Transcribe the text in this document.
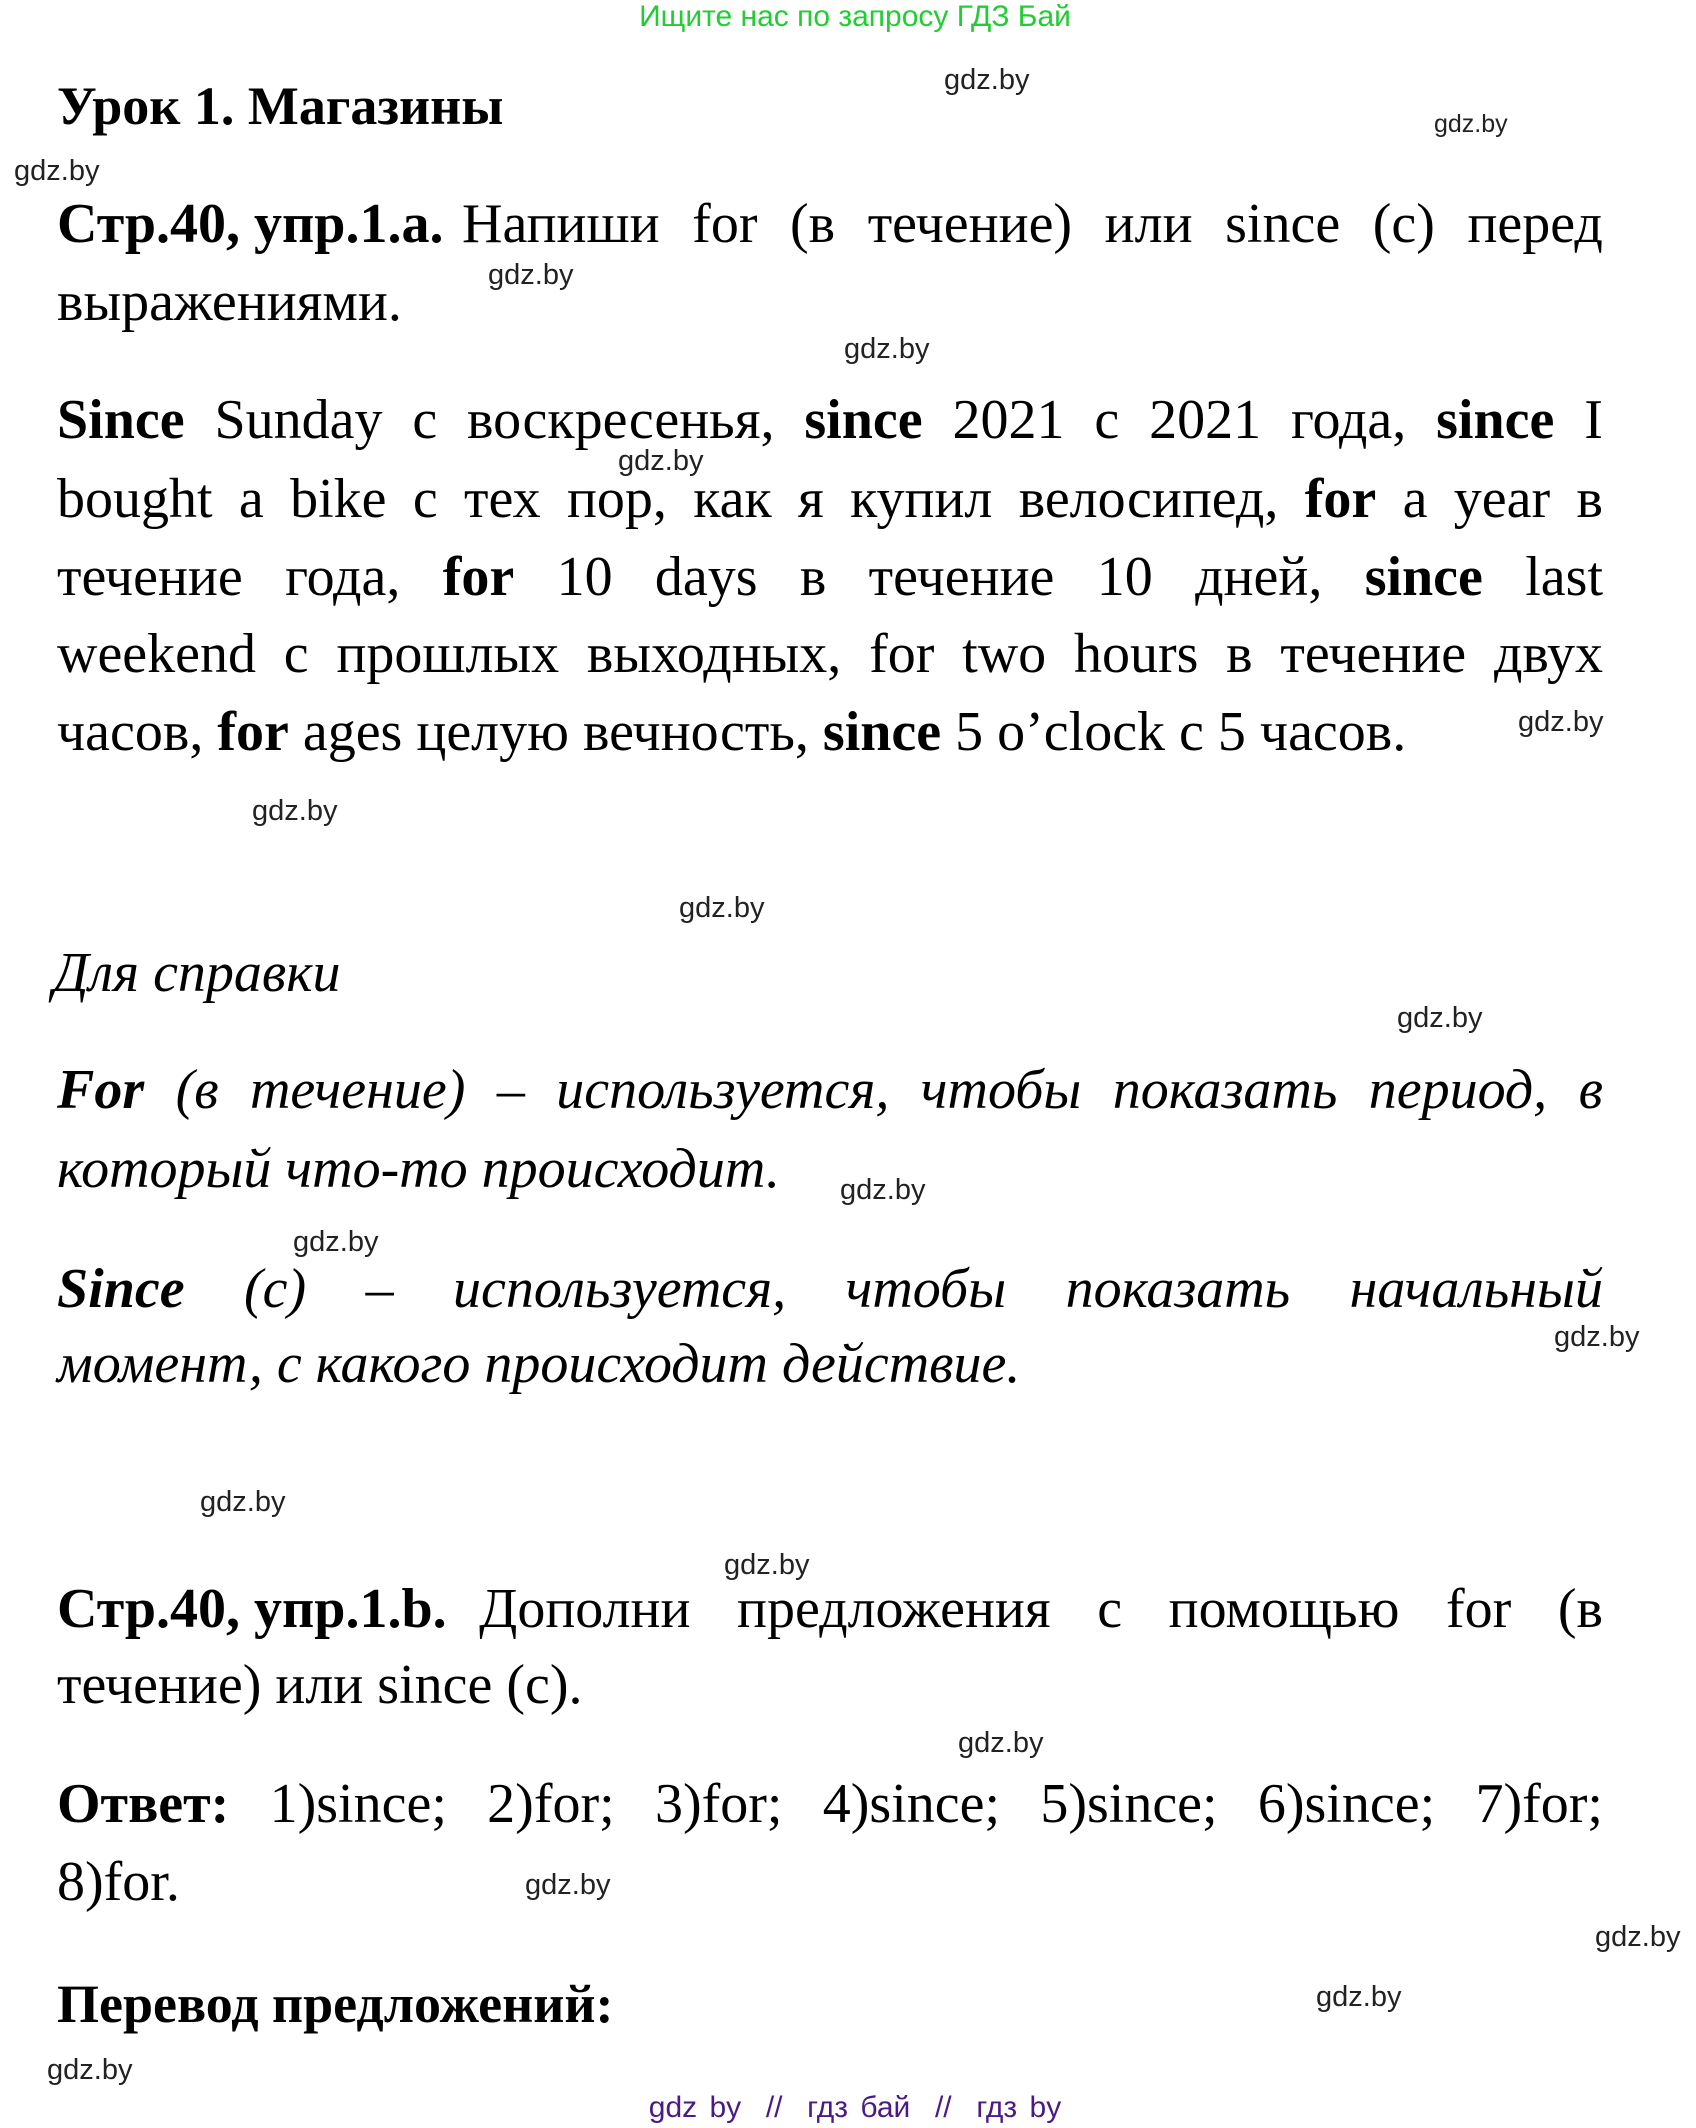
Ищите нас по запросу ГДЗ Бай
Урок 1. Магазины
Стр.40, упр.1.а. Напиши for (в течение) или since (с) перед
выражениями.
Since Sunday с воскресенья, since 2021 с 2021 года, since I
bought a bike с тех пор, как я купил велосипед, for a year в
течение года, for 10 days в течение 10 дней, since last
weekend с прошлых выходных, for two hours в течение двух
часов, for ages целую вечность, since 5 o’clock с 5 часов.
Для справки
For (в течение) – используется, чтобы показать период, в
который что-то происходит.
Since (с) – используется, чтобы показать начальный
момент, с какого происходит действие.
Стр.40, упр.1.b. Дополни предложения с помощью for (в
течение) или since (с).
Ответ: 1)since; 2)for; 3)for; 4)since; 5)since; 6)since; 7)for;
8)for.
Перевод предложений:
gdz.by
gdz.by
gdz.by
gdz.by
gdz.by
gdz.by
gdz.by
gdz.by
gdz.by
gdz.by
gdz.by
gdz.by
gdz.by
gdz.by
gdz.by
gdz.by
gdz.by
gdz.by
gdz.by
gdz.by
gdz by  //  гдз бай  //  гдз by
